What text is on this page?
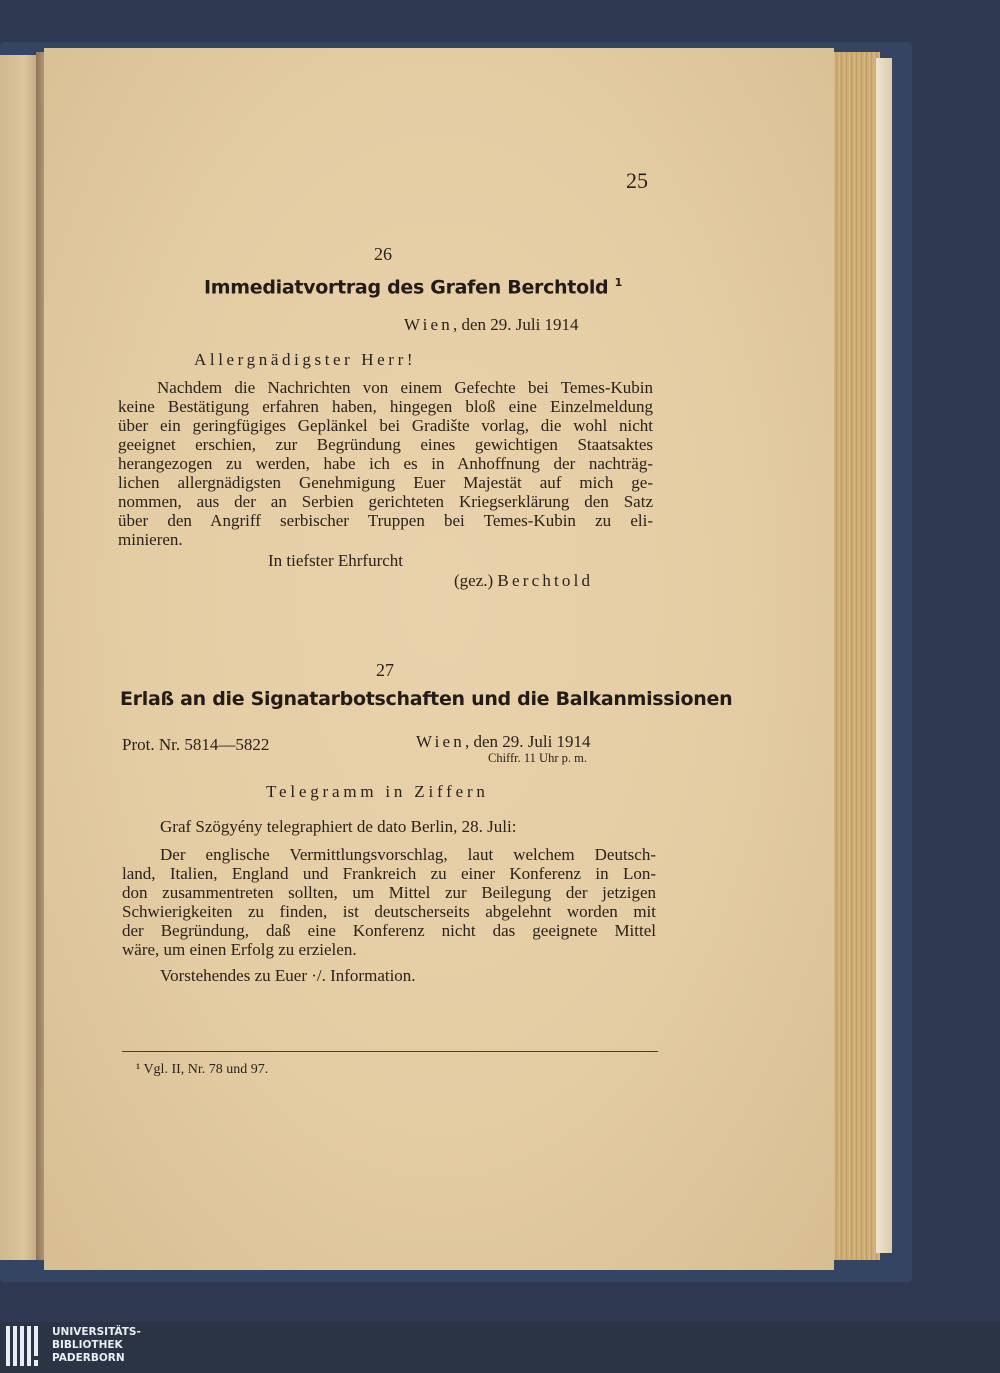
25
26
Immediatvortrag des Grafen Berchtold $^1$
Wien, den 29. Juli 1914
Allergnädigster Herr!
Nachdem die Nachrichten von einem Gefechte bei Temes-Kubin
keine Bestätigung erfahren haben, hingegen bloß eine Einzelmeldung
über ein geringfügiges Geplänkel bei Gradište vorlag, die wohl nicht
geeignet erschien, zur Begründung eines gewichtigen Staatsaktes
herangezogen zu werden, habe ich es in Anhoffnung der nachträg-
lichen allergnädigsten Genehmigung Euer Majestät auf mich ge-
nommen, aus der an Serbien gerichteten Kriegserklärung den Satz
über den Angriff serbischer Truppen bei Temes-Kubin zu eli-
minieren.
In tiefster Ehrfurcht
(gez.) Berchtold
27
Erlaß an die Signatarbotschaften und die Balkanmissionen
Prot. Nr. 5814—5822	Wien, den 29. Juli 1914
Chiffr. 11 Uhr p. m.
Telegramm in Ziffern
Graf Szögyény telegraphiert de dato Berlin, 28. Juli:
Der englische Vermittlungsvorschlag, laut welchem Deutsch-
land, Italien, England und Frankreich zu einer Konferenz in Lon-
don zusammentreten sollten, um Mittel zur Beilegung der jetzigen
Schwierigkeiten zu finden, ist deutscherseits abgelehnt worden mit
der Begründung, daß eine Konferenz nicht das geeignete Mittel
wäre, um einen Erfolg zu erzielen.
Vorstehendes zu Euer ·/. Information.
¹ Vgl. II, Nr. 78 und 97.
UNIVERSITÄTS-
BIBLIOTHEK
PADERBORN
